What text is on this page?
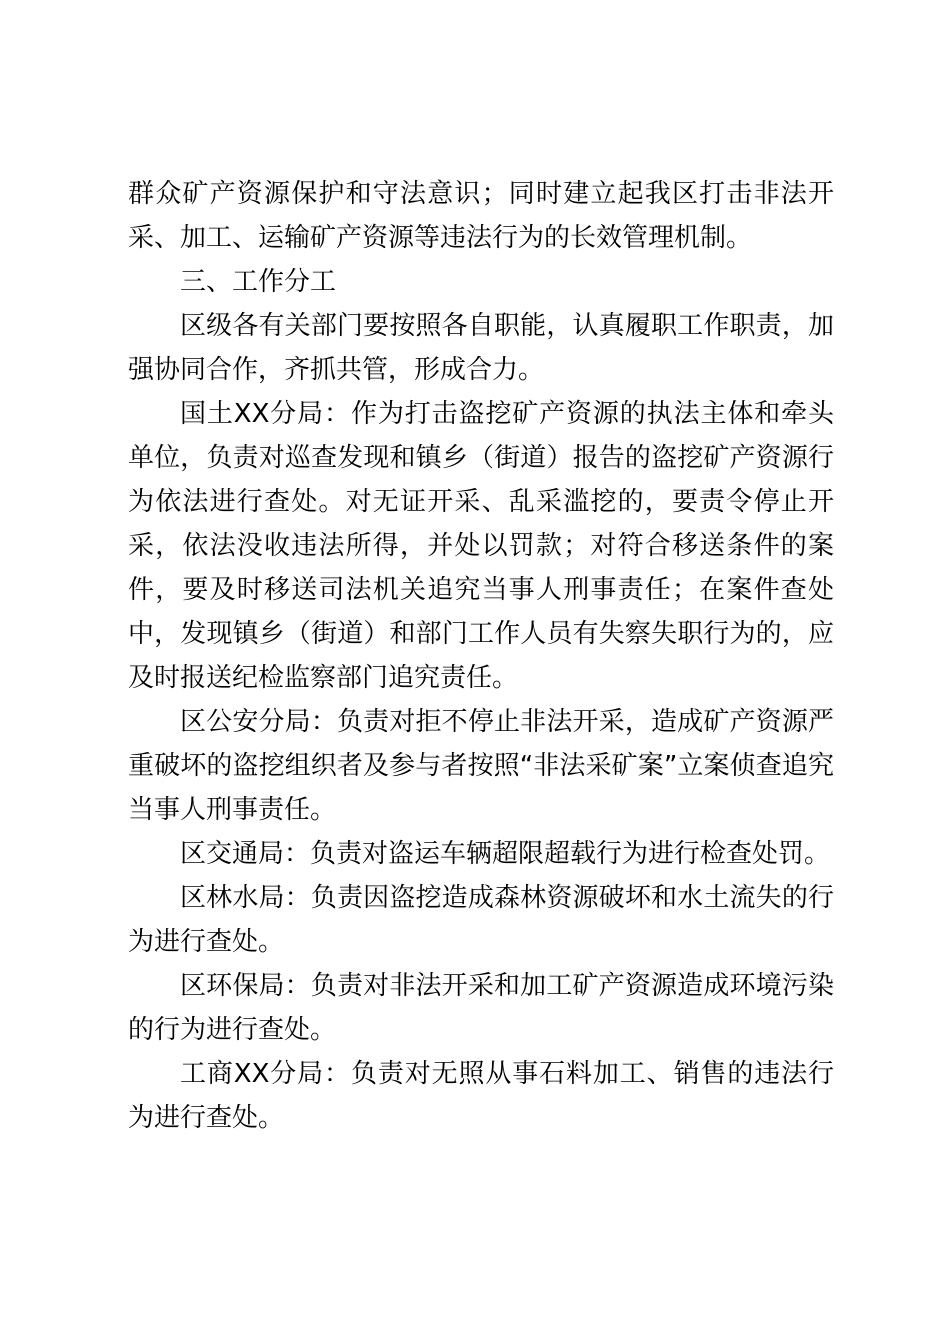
群众矿产资源保护和守法意识；同时建立起我区打击非法开采、加工、运输矿产资源等违法行为的长效管理机制。

三、工作分工

区级各有关部门要按照各自职能，认真履职工作职责，加强协同合作，齐抓共管，形成合力。

国土XX分局：作为打击盗挖矿产资源的执法主体和牵头单位，负责对巡查发现和镇乡（街道）报告的盗挖矿产资源行为依法进行查处。对无证开采、乱采滥挖的，要责令停止开采，依法没收违法所得，并处以罚款；对符合移送条件的案件，要及时移送司法机关追究当事人刑事责任；在案件查处中，发现镇乡（街道）和部门工作人员有失察失职行为的，应及时报送纪检监察部门追究责任。

区公安分局：负责对拒不停止非法开采，造成矿产资源严重破坏的盗挖组织者及参与者按照“非法采矿案”立案侦查追究当事人刑事责任。

区交通局：负责对盗运车辆超限超载行为进行检查处罚。

区林水局：负责因盗挖造成森林资源破坏和水土流失的行为进行查处。

区环保局：负责对非法开采和加工矿产资源造成环境污染的行为进行查处。

工商XX分局：负责对无照从事石料加工、销售的违法行为进行查处。
